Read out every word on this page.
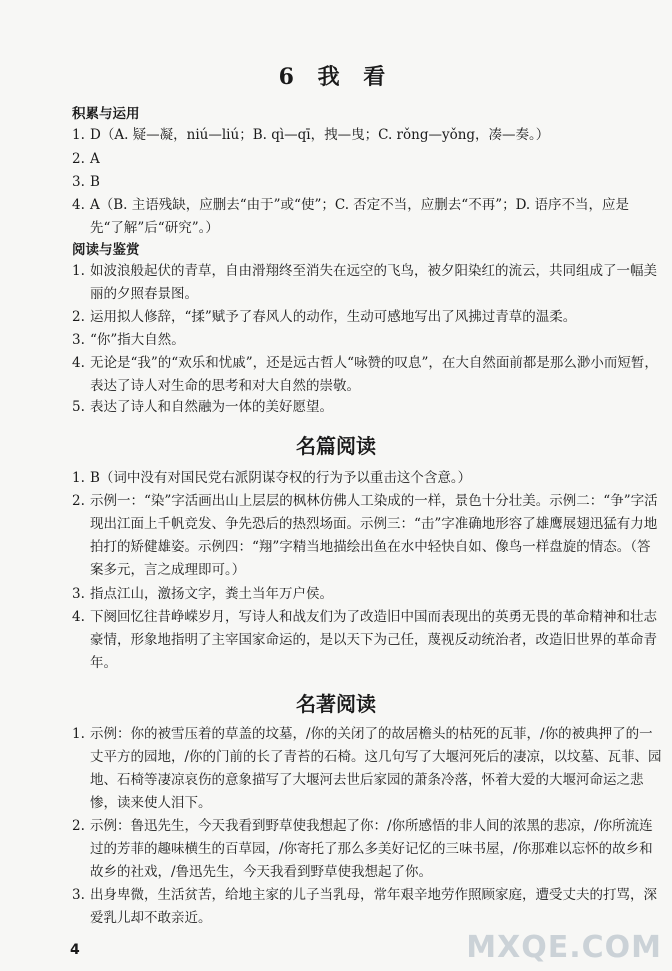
6 我 看
积累与运用
1. D（A. 疑—凝，niú—liú；B. qì—qī，拽—曳；C. rǒng—yǒng，凑—奏。）
2. A
3. B
4. A（B. 主语残缺，应删去“由于”或“使”；C. 否定不当，应删去“不再”；D. 语序不当，应是先“了解”后“研究”。）
阅读与鉴赏
1. 如波浪般起伏的青草，自由滑翔终至消失在远空的飞鸟，被夕阳染红的流云，共同组成了一幅美丽的夕照春景图。
2. 运用拟人修辞，“揉”赋予了春风人的动作，生动可感地写出了风拂过青草的温柔。
3. “你”指大自然。
4. 无论是“我”的“欢乐和忧戚”，还是远古哲人“咏赞的叹息”，在大自然面前都是那么渺小而短暂，表达了诗人对生命的思考和对大自然的崇敬。
5. 表达了诗人和自然融为一体的美好愿望。
名篇阅读
1. B（词中没有对国民党右派阴谋夺权的行为予以重击这个含意。）
2. 示例一：“染”字活画出山上层层的枫林仿佛人工染成的一样，景色十分壮美。示例二：“争”字活现出江面上千帆竞发、争先恐后的热烈场面。示例三：“击”字准确地形容了雄鹰展翅迅猛有力地拍打的矫健雄姿。示例四：“翔”字精当地描绘出鱼在水中轻快自如、像鸟一样盘旋的情态。（答案多元，言之成理即可。）
3. 指点江山，激扬文字，粪土当年万户侯。
4. 下阕回忆往昔峥嵘岁月，写诗人和战友们为了改造旧中国而表现出的英勇无畏的革命精神和壮志豪情，形象地指明了主宰国家命运的，是以天下为己任，蔑视反动统治者，改造旧世界的革命青年。
名著阅读
1. 示例：你的被雪压着的草盖的坟墓，/你的关闭了的故居檐头的枯死的瓦菲，/你的被典押了的一丈平方的园地，/你的门前的长了青苔的石椅。这几句写了大堰河死后的凄凉，以坟墓、瓦菲、园地、石椅等凄凉哀伤的意象描写了大堰河去世后家园的萧条冷落，怀着大爱的大堰河命运之悲惨，读来使人泪下。
2. 示例：鲁迅先生，今天我看到野草使我想起了你：/你所感悟的非人间的浓黑的悲凉，/你所流连过的芳菲的趣味横生的百草园，/你寄托了那么多美好记忆的三味书屋，/你那难以忘怀的故乡和故乡的社戏，/鲁迅先生，今天我看到野草使我想起了你。
3. 出身卑微，生活贫苦，给地主家的儿子当乳母，常年艰辛地劳作照顾家庭，遭受丈夫的打骂，深爱乳儿却不敢亲近。
4	MXQE.COM
